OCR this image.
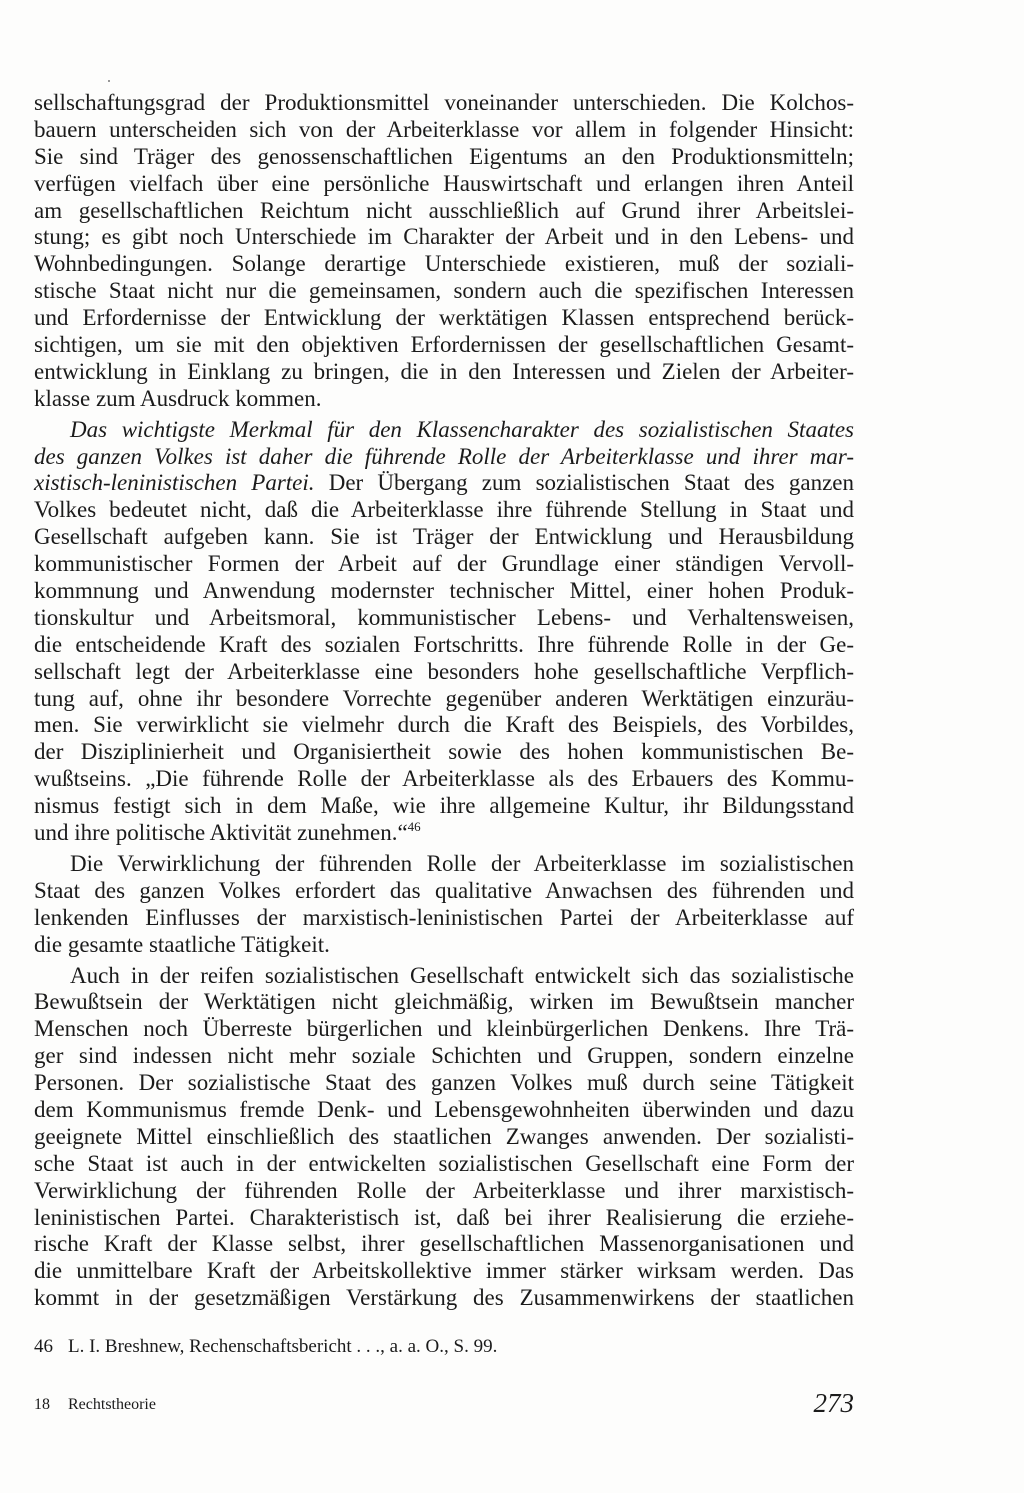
sellschaftungsgrad der Produktionsmittel voneinander unterschieden. Die Kolchos-
bauern unterscheiden sich von der Arbeiterklasse vor allem in folgender Hinsicht:
Sie sind Träger des genossenschaftlichen Eigentums an den Produktionsmitteln;
verfügen vielfach über eine persönliche Hauswirtschaft und erlangen ihren Anteil
am gesellschaftlichen Reichtum nicht ausschließlich auf Grund ihrer Arbeitslei-
stung; es gibt noch Unterschiede im Charakter der Arbeit und in den Lebens- und
Wohnbedingungen. Solange derartige Unterschiede existieren, muß der soziali-
stische Staat nicht nur die gemeinsamen, sondern auch die spezifischen Interessen
und Erfordernisse der Entwicklung der werktätigen Klassen entsprechend berück-
sichtigen, um sie mit den objektiven Erfordernissen der gesellschaftlichen Gesamt-
entwicklung in Einklang zu bringen, die in den Interessen und Zielen der Arbeiter-
klasse zum Ausdruck kommen.
Das wichtigste Merkmal für den Klassencharakter des sozialistischen Staates
des ganzen Volkes ist daher die führende Rolle der Arbeiterklasse und ihrer mar-
xistisch-leninistischen Partei. Der Übergang zum sozialistischen Staat des ganzen
Volkes bedeutet nicht, daß die Arbeiterklasse ihre führende Stellung in Staat und
Gesellschaft aufgeben kann. Sie ist Träger der Entwicklung und Herausbildung
kommunistischer Formen der Arbeit auf der Grundlage einer ständigen Vervoll-
kommnung und Anwendung modernster technischer Mittel, einer hohen Produk-
tionskultur und Arbeitsmoral, kommunistischer Lebens- und Verhaltensweisen,
die entscheidende Kraft des sozialen Fortschritts. Ihre führende Rolle in der Ge-
sellschaft legt der Arbeiterklasse eine besonders hohe gesellschaftliche Verpflich-
tung auf, ohne ihr besondere Vorrechte gegenüber anderen Werktätigen einzuräu-
men. Sie verwirklicht sie vielmehr durch die Kraft des Beispiels, des Vorbildes,
der Disziplinierheit und Organisiertheit sowie des hohen kommunistischen Be-
wußtseins. „Die führende Rolle der Arbeiterklasse als des Erbauers des Kommu-
nismus festigt sich in dem Maße, wie ihre allgemeine Kultur, ihr Bildungsstand
und ihre politische Aktivität zunehmen.“$^{46}$
Die Verwirklichung der führenden Rolle der Arbeiterklasse im sozialistischen
Staat des ganzen Volkes erfordert das qualitative Anwachsen des führenden und
lenkenden Einflusses der marxistisch-leninistischen Partei der Arbeiterklasse auf
die gesamte staatliche Tätigkeit.
Auch in der reifen sozialistischen Gesellschaft entwickelt sich das sozialistische
Bewußtsein der Werktätigen nicht gleichmäßig, wirken im Bewußtsein mancher
Menschen noch Überreste bürgerlichen und kleinbürgerlichen Denkens. Ihre Trä-
ger sind indessen nicht mehr soziale Schichten und Gruppen, sondern einzelne
Personen. Der sozialistische Staat des ganzen Volkes muß durch seine Tätigkeit
dem Kommunismus fremde Denk- und Lebensgewohnheiten überwinden und dazu
geeignete Mittel einschließlich des staatlichen Zwanges anwenden. Der sozialisti-
sche Staat ist auch in der entwickelten sozialistischen Gesellschaft eine Form der
Verwirklichung der führenden Rolle der Arbeiterklasse und ihrer marxistisch-
leninistischen Partei. Charakteristisch ist, daß bei ihrer Realisierung die erziehe-
rische Kraft der Klasse selbst, ihrer gesellschaftlichen Massenorganisationen und
die unmittelbare Kraft der Arbeitskollektive immer stärker wirksam werden. Das
kommt in der gesetzmäßigen Verstärkung des Zusammenwirkens der staatlichen
46 L. I. Breshnew, Rechenschaftsbericht . . ., a. a. O., S. 99.
18 Rechtstheorie	273
